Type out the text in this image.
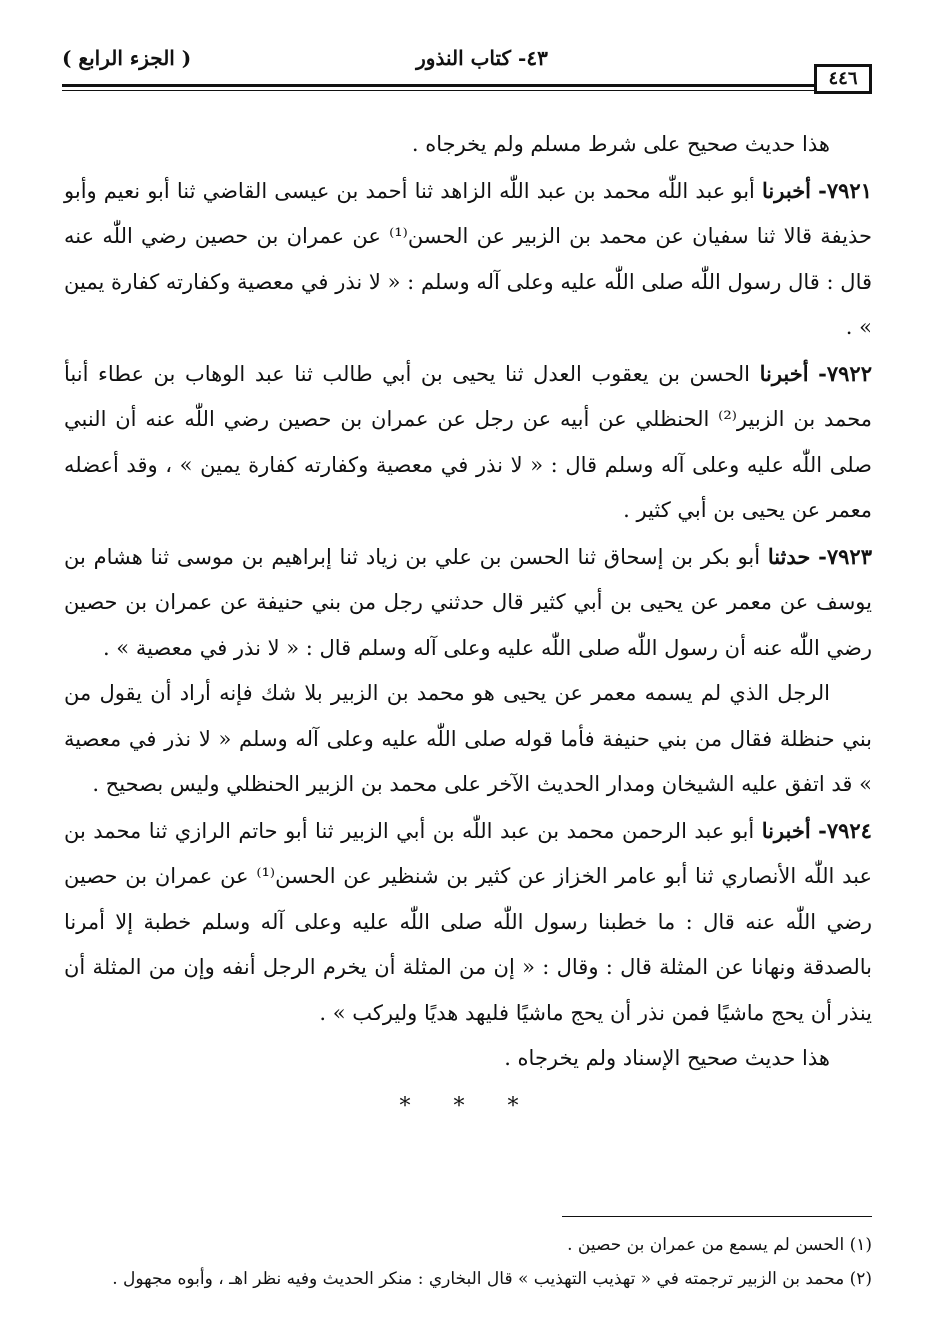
( الجزء الرابع )	٤٣- كتاب النذور
٤٤٦

هذا حديث صحيح على شرط مسلم ولم يخرجاه .

٧٩٢١- أخبرنا أبو عبد اللّٰه محمد بن عبد اللّٰه الزاهد ثنا أحمد بن عيسى القاضي ثنا أبو نعيم وأبو حذيفة قالا ثنا سفيان عن محمد بن الزبير عن الحسن⁽¹⁾ عن عمران بن حصين رضي اللّٰه عنه قال : قال رسول اللّٰه صلى اللّٰه عليه وعلى آله وسلم : « لا نذر في معصية وكفارته كفارة يمين » .

٧٩٢٢- أخبرنا الحسن بن يعقوب العدل ثنا يحيى بن أبي طالب ثنا عبد الوهاب بن عطاء أنبأ محمد بن الزبير⁽²⁾ الحنظلي عن أبيه عن رجل عن عمران بن حصين رضي اللّٰه عنه أن النبي صلى اللّٰه عليه وعلى آله وسلم قال : « لا نذر في معصية وكفارته كفارة يمين » ، وقد أعضله معمر عن يحيى بن أبي كثير .

٧٩٢٣- حدثنا أبو بكر بن إسحاق ثنا الحسن بن علي بن زياد ثنا إبراهيم بن موسى ثنا هشام بن يوسف عن معمر عن يحيى بن أبي كثير قال حدثني رجل من بني حنيفة عن عمران بن حصين رضي اللّٰه عنه أن رسول اللّٰه صلى اللّٰه عليه وعلى آله وسلم قال : « لا نذر في معصية » .

الرجل الذي لم يسمه معمر عن يحيى هو محمد بن الزبير بلا شك فإنه أراد أن يقول من بني حنظلة فقال من بني حنيفة فأما قوله صلى اللّٰه عليه وعلى آله وسلم « لا نذر في معصية » قد اتفق عليه الشيخان ومدار الحديث الآخر على محمد بن الزبير الحنظلي وليس بصحيح .

٧٩٢٤- أخبرنا أبو عبد الرحمن محمد بن عبد اللّٰه بن أبي الزبير ثنا أبو حاتم الرازي ثنا محمد بن عبد اللّٰه الأنصاري ثنا أبو عامر الخزاز عن كثير بن شنظير عن الحسن⁽¹⁾ عن عمران بن حصين رضي اللّٰه عنه قال : ما خطبنا رسول اللّٰه صلى اللّٰه عليه وعلى آله وسلم خطبة إلا أمرنا بالصدقة ونهانا عن المثلة قال : وقال : « إن من المثلة أن يخرم الرجل أنفه وإن من المثلة أن ينذر أن يحج ماشيًا فمن نذر أن يحج ماشيًا فليهد هديًا وليركب » .

هذا حديث صحيح الإسناد ولم يخرجاه .

* * *

(١) الحسن لم يسمع من عمران بن حصين .

(٢) محمد بن الزبير ترجمته في « تهذيب التهذيب » قال البخاري : منكر الحديث وفيه نظر اهـ ، وأبوه مجهول .
